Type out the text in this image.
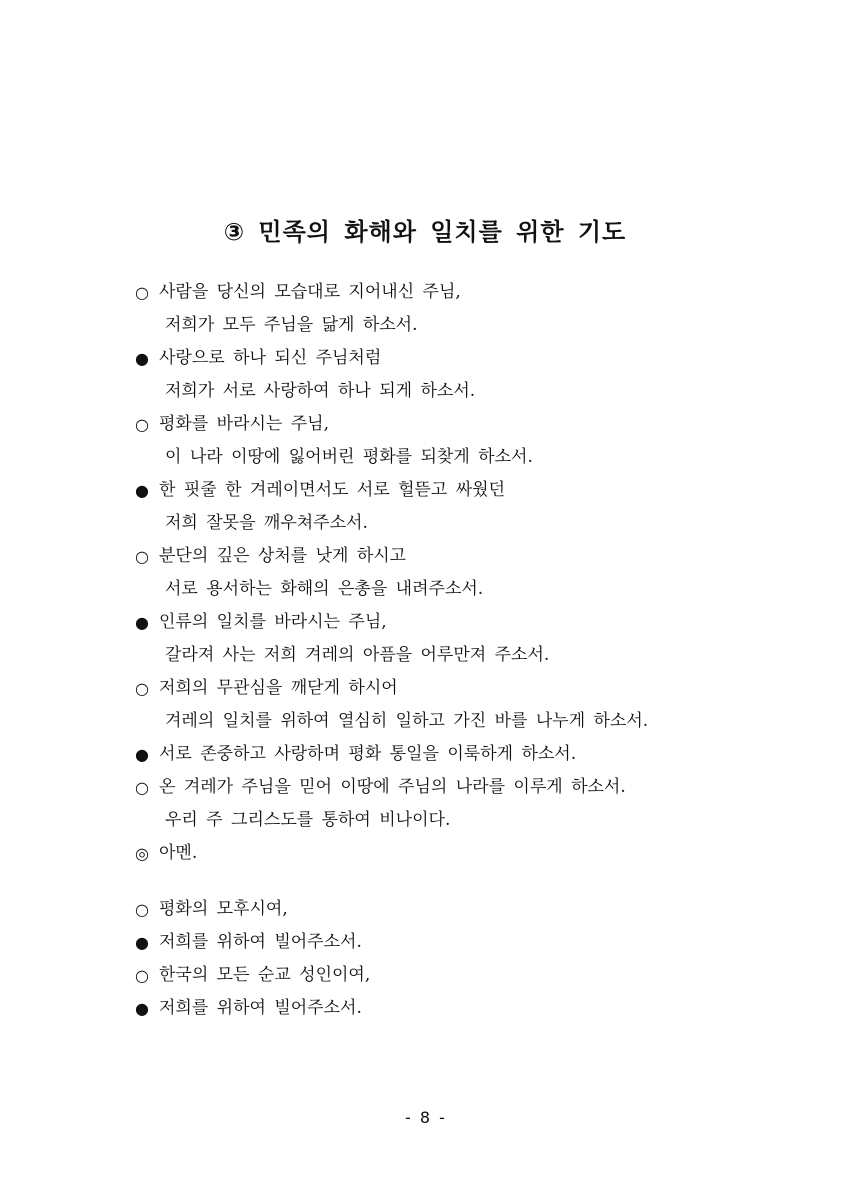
③ 민족의 화해와 일치를 위한 기도
○ 사람을 당신의 모습대로 지어내신 주님,
저희가 모두 주님을 닮게 하소서.
● 사랑으로 하나 되신 주님처럼
저희가 서로 사랑하여 하나 되게 하소서.
○ 평화를 바라시는 주님,
이 나라 이땅에 잃어버린 평화를 되찾게 하소서.
● 한 핏줄 한 겨레이면서도 서로 헐뜯고 싸웠던
저희 잘못을 깨우쳐주소서.
○ 분단의 깊은 상처를 낫게 하시고
서로 용서하는 화해의 은총을 내려주소서.
● 인류의 일치를 바라시는 주님,
갈라져 사는 저희 겨레의 아픔을 어루만져 주소서.
○ 저희의 무관심을 깨닫게 하시어
겨레의 일치를 위하여 열심히 일하고 가진 바를 나누게 하소서.
● 서로 존중하고 사랑하며 평화 통일을 이룩하게 하소서.
○ 온 겨레가 주님을 믿어 이땅에 주님의 나라를 이루게 하소서.
우리 주 그리스도를 통하여 비나이다.
◎ 아멘.
○ 평화의 모후시여,
● 저희를 위하여 빌어주소서.
○ 한국의 모든 순교 성인이여,
● 저희를 위하여 빌어주소서.
- 8 -
